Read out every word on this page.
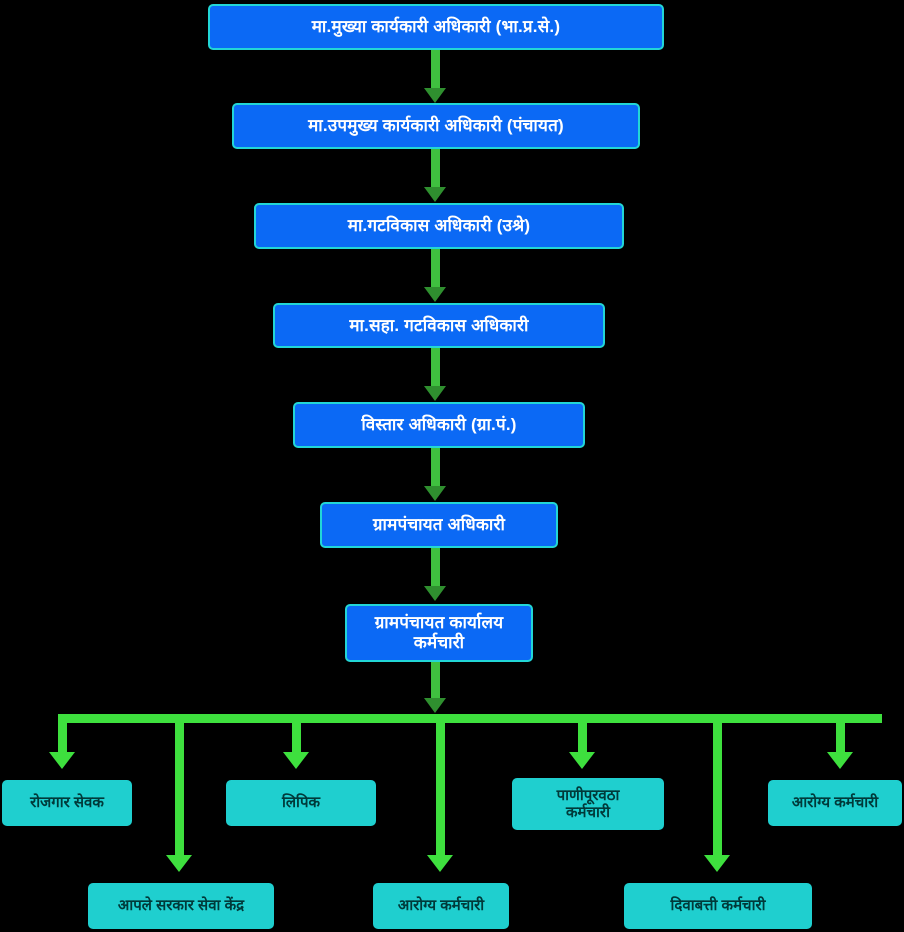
मा.मुख्या कार्यकारी अधिकारी (भा.प्र.से.)
मा.उपमुख्य कार्यकारी अधिकारी (पंचायत)
मा.गटविकास अधिकारी (उश्रे)
मा.सहा. गटविकास अधिकारी
विस्तार अधिकारी (ग्रा.पं.)
ग्रामपंचायत अधिकारी
ग्रामपंचायत कार्यालय
कर्मचारी
रोजगार सेवक	लिपिक	पाणीपूरवठा
कर्मचारी
आरोग्य कर्मचारी
आपले सरकार सेवा केंद्र	आरोग्य कर्मचारी	दिवाबत्ती कर्मचारी
